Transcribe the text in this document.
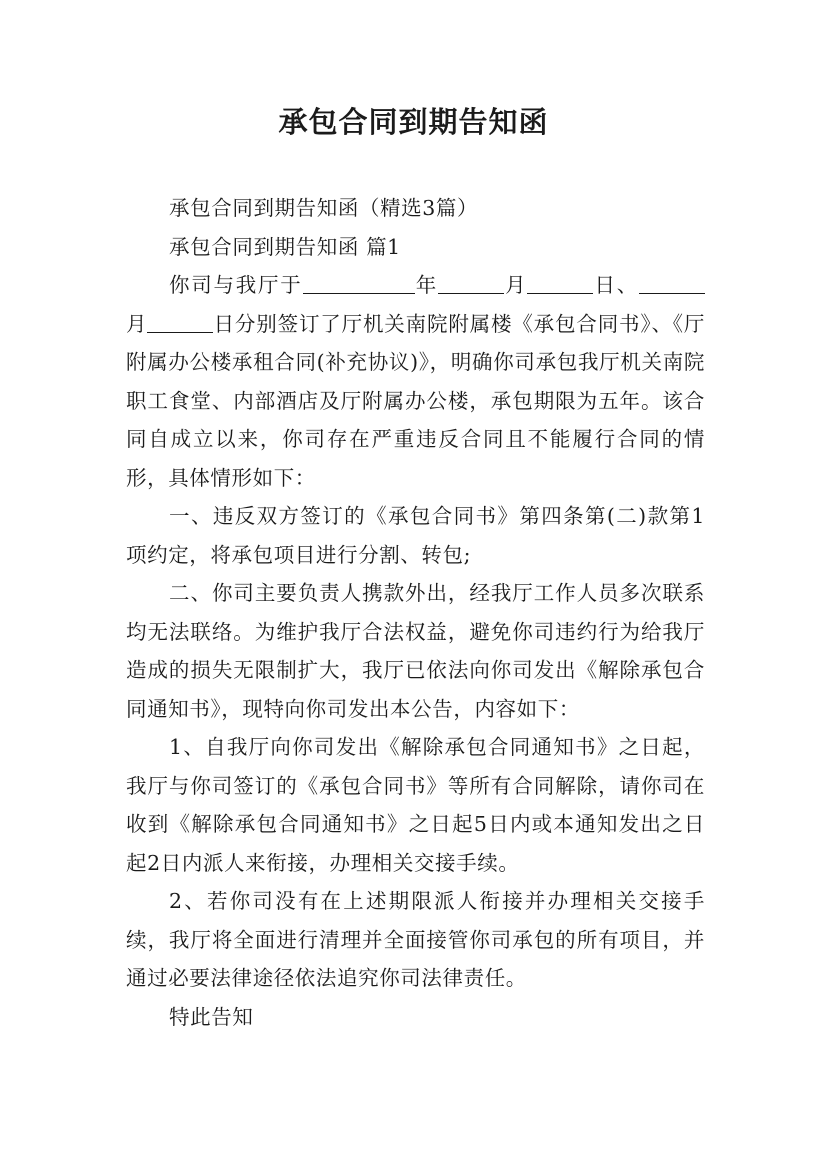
承包合同到期告知函

承包合同到期告知函（精选3篇）

承包合同到期告知函 篇1

你司与我厅于	年	月	日、月	日分别签订了厅机关南院附属楼《承包合同书》、《厅附属办公楼承租合同(补充协议)》，明确你司承包我厅机关南院职工食堂、内部酒店及厅附属办公楼，承包期限为五年。该合同自成立以来，你司存在严重违反合同且不能履行合同的情形，具体情形如下：

一、违反双方签订的《承包合同书》第四条第(二)款第1项约定，将承包项目进行分割、转包;

二、你司主要负责人携款外出，经我厅工作人员多次联系均无法联络。为维护我厅合法权益，避免你司违约行为给我厅造成的损失无限制扩大，我厅已依法向你司发出《解除承包合同通知书》，现特向你司发出本公告，内容如下：

1、自我厅向你司发出《解除承包合同通知书》之日起，我厅与你司签订的《承包合同书》等所有合同解除，请你司在收到《解除承包合同通知书》之日起5日内或本通知发出之日起2日内派人来衔接，办理相关交接手续。

2、若你司没有在上述期限派人衔接并办理相关交接手续，我厅将全面进行清理并全面接管你司承包的所有项目，并通过必要法律途径依法追究你司法律责任。

特此告知
